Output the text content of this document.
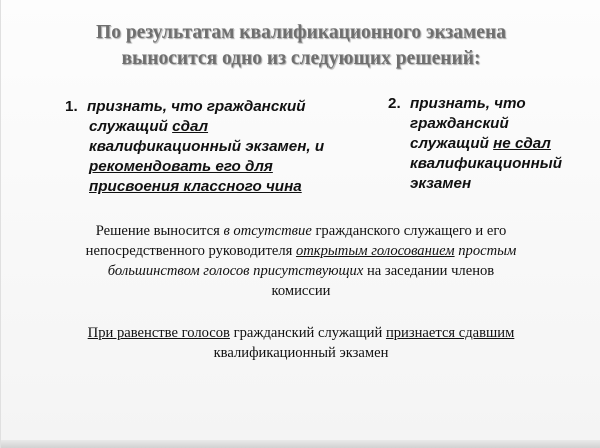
По результатам квалификационного экзамена
выносится одно из следующих решений:
1. признать, что гражданский
служащий сдал
квалификационный экзамен, и
рекомендовать его для
присвоения классного чина
2. признать, что
гражданский
служащий не сдал
квалификационный
экзамен
Решение выносится в отсутствие гражданского служащего и его
непосредственного руководителя открытым голосованием простым
большинством голосов присутствующих на заседании членов
комиссии
При равенстве голосов гражданский служащий признается сдавшим
квалификационный экзамен
